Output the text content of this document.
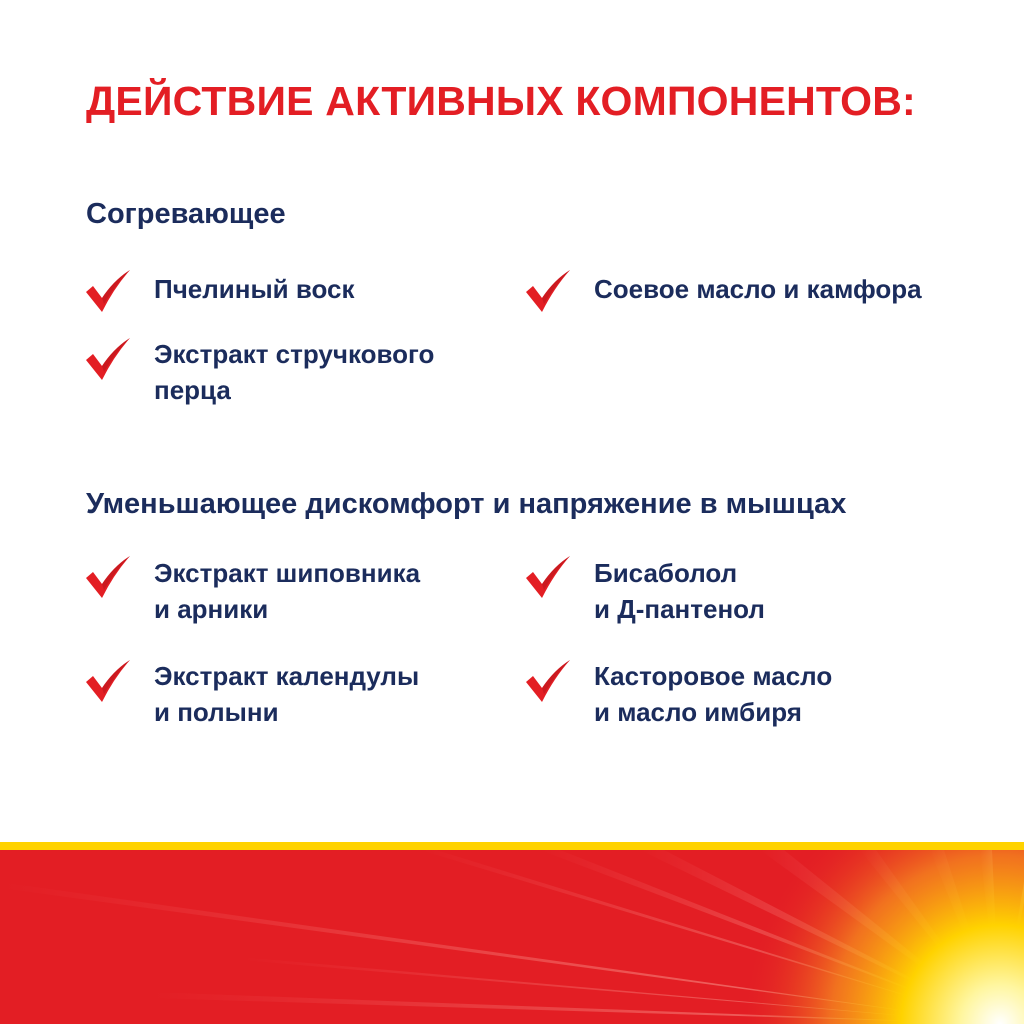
ДЕЙСТВИЕ АКТИВНЫХ КОМПОНЕНТОВ:
Согревающее
Пчелиный воск	Соевое масло и камфора
Экстракт стручкового
перца
Уменьшающее дискомфорт и напряжение в мышцах
Экстракт шиповника
и арники
Бисаболол
и Д-пантенол
Экстракт календулы
и полыни
Касторовое масло
и масло имбиря
